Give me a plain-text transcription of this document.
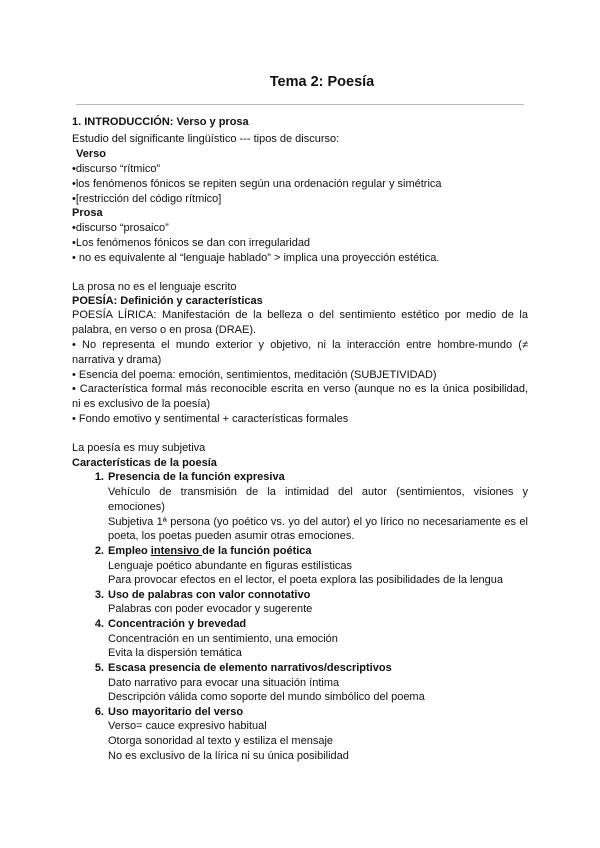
Tema 2: Poesía
1. INTRODUCCIÓN: Verso y prosa
Estudio del significante lingüístico --- tipos de discurso:
Verso
•discurso “rítmico”
•los fenómenos fónicos se repiten según una ordenación regular y simétrica
•[restricción del código rítmico]
Prosa
•discurso “prosaico”
•Los fenómenos fónicos se dan con irregularidad
• no es equivalente al “lenguaje hablado” > implica una proyección estética.
La prosa no es el lenguaje escrito
POESÍA: Definición y características
POESÍA LÍRICA: Manifestación de la belleza o del sentimiento estético por medio de la
palabra, en verso o en prosa (DRAE).
• No representa el mundo exterior y objetivo, ni la interacción entre hombre-mundo (≠
narrativa y drama)
• Esencia del poema: emoción, sentimientos, meditación (SUBJETIVIDAD)
• Característica formal más reconocible escrita en verso (aunque no es la única posibilidad,
ni es exclusivo de la poesía)
• Fondo emotivo y sentimental + características formales
La poesía es muy subjetiva
Características de la poesía
1. Presencia de la función expresiva
Vehículo de transmisión de la intimidad del autor (sentimientos, visiones y
emociones)
Subjetiva 1ª persona (yo poético vs. yo del autor) el yo lírico no necesariamente es el
poeta, los poetas pueden asumir otras emociones.
2. Empleo intensivo de la función poética
Lenguaje poético abundante en figuras estilísticas
Para provocar efectos en el lector, el poeta explora las posibilidades de la lengua
3. Uso de palabras con valor connotativo
Palabras con poder evocador y sugerente
4. Concentración y brevedad
Concentración en un sentimiento, una emoción
Evita la dispersión temática
5. Escasa presencia de elemento narrativos/descriptivos
Dato narrativo para evocar una situación íntima
Descripción válida como soporte del mundo simbólico del poema
6. Uso mayoritario del verso
Verso= cauce expresivo habitual
Otorga sonoridad al texto y estiliza el mensaje
No es exclusivo de la lírica ni su única posibilidad
